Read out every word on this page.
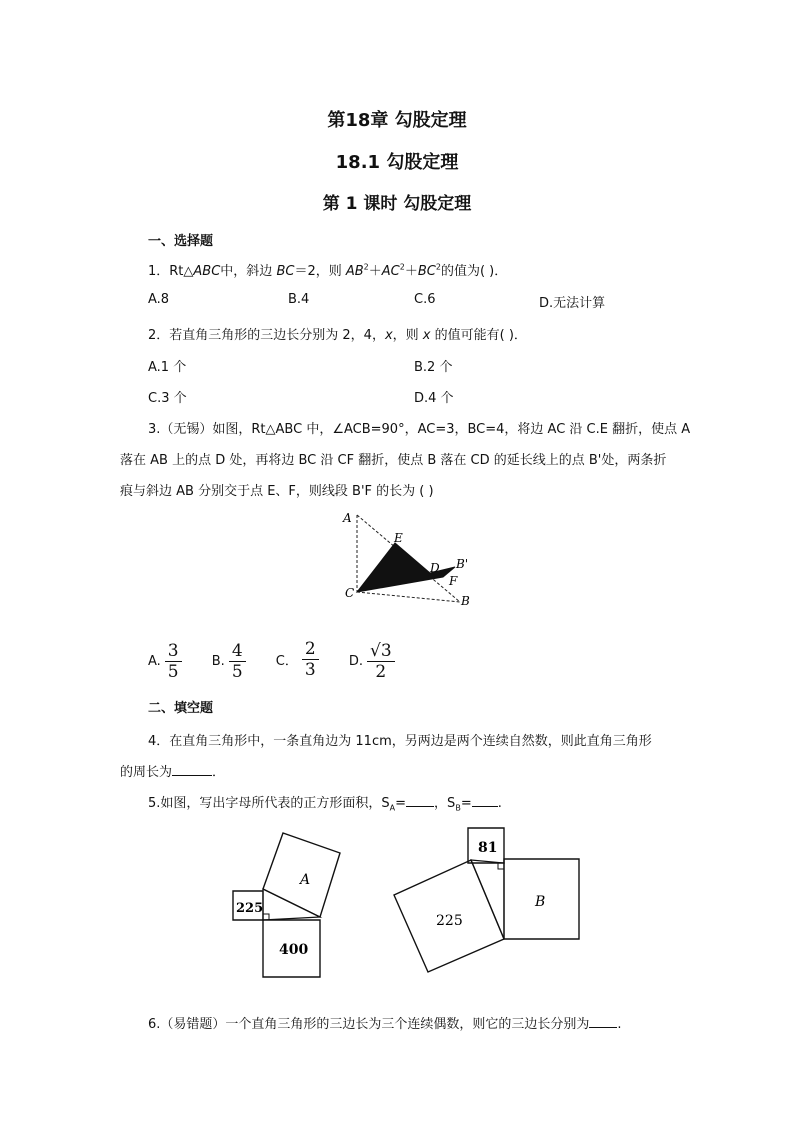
第18章 勾股定理
18.1 勾股定理
第 1 课时 勾股定理
一、选择题
1．Rt△ABC中，斜边 BC＝2，则 $AB^2+AC^2+BC^2$的值为( )．
A.8	B.4	C.6	D.无法计算
2．若直角三角形的三边长分别为 2，4，x，则 x 的值可能有( )．
A.1 个	B.2 个
C.3 个	D.4 个
3.（无锡）如图，Rt△ABC 中，∠ACB=90°，AC=3，BC=4，将边 AC 沿 C.E 翻折，使点 A
落在 AB 上的点 D 处，再将边 BC 沿 CF 翻折，使点 B 落在 CD 的延长线上的点 B'处，两条折
痕与斜边 AB 分别交于点 E、F，则线段 B'F 的长为 ( )
A
E
D B'
F
C
B
A. $\frac{3}{5}$
B. $\frac{4}{5}$
C． $\frac{2}{3}$
D. $\frac{√3}{2}$
二、填空题
4．在直角三角形中，一条直角边为 11cm，另两边是两个连续自然数，则此直角三角形
的周长为	．
5.如图，写出字母所代表的正方形面积，$S_A=$ ，$S_B=$ .
A
225
400
81
225
B
6.（易错题）一个直角三角形的三边长为三个连续偶数，则它的三边长分别为 .
